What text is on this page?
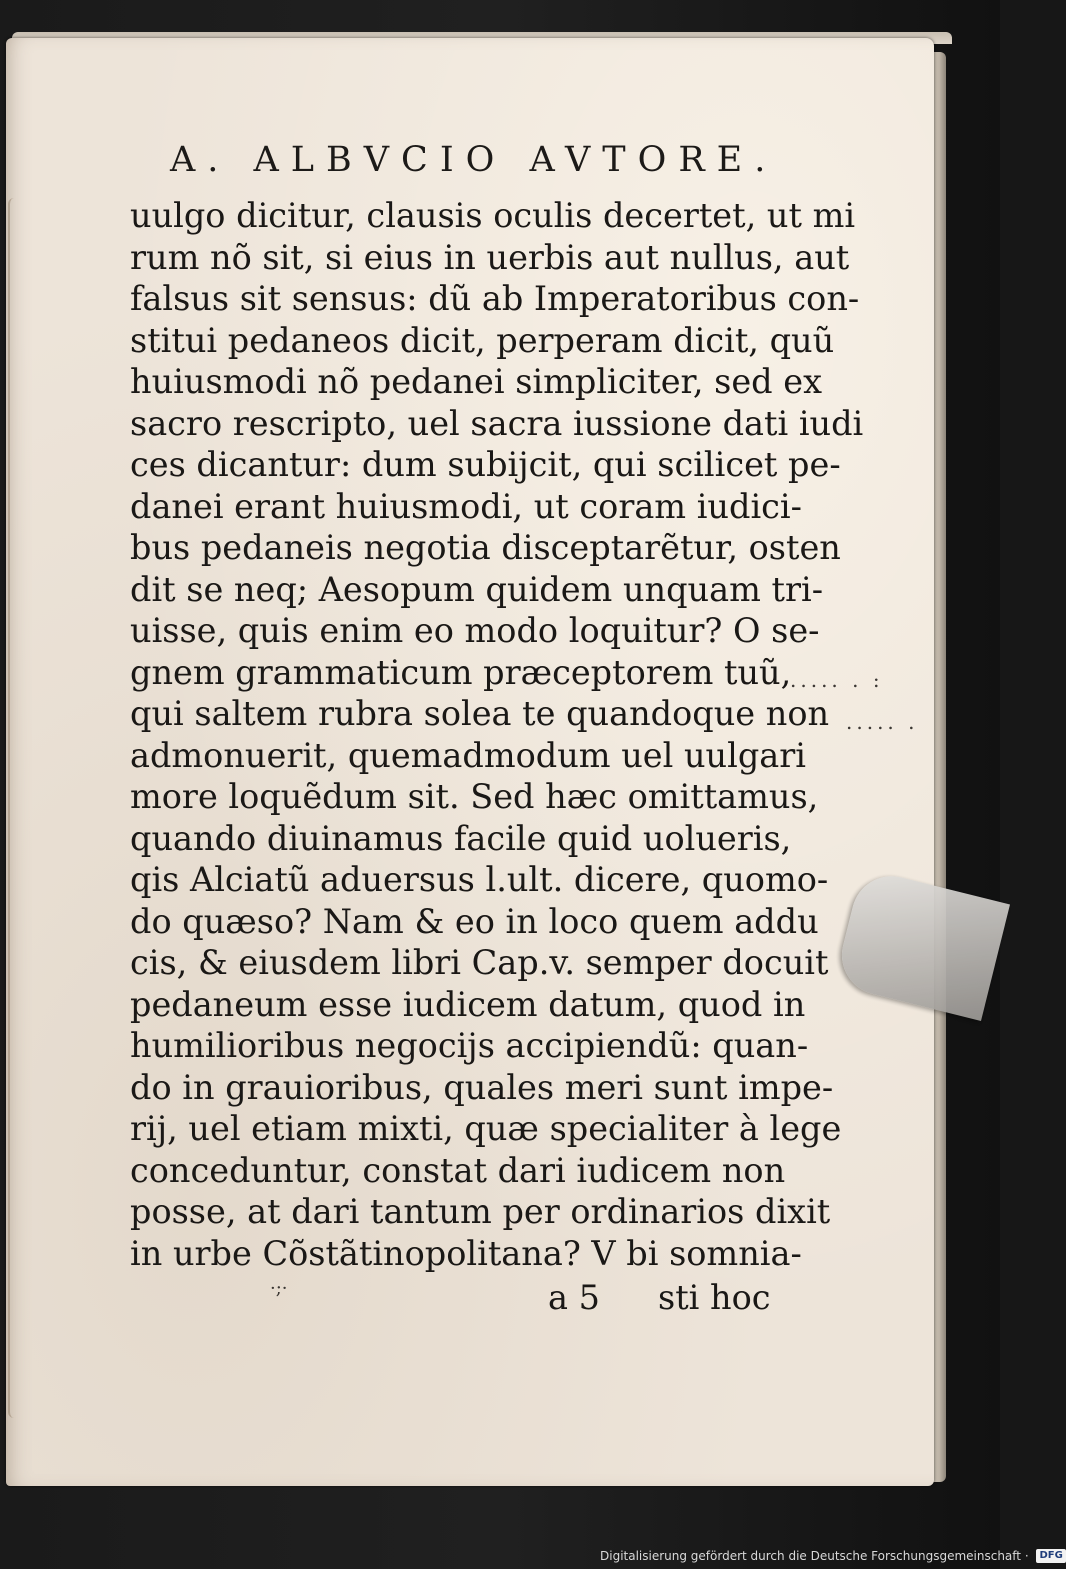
A. ALBVCIO AVTORE.
uulgo dicitur, clausis oculis decertet, ut mi
rum nõ sit, si eius in uerbis aut nullus, aut
falsus sit sensus: dũ ab Imperatoribus con-
stitui pedaneos dicit, perperam dicit, quũ
huiusmodi nõ pedanei simpliciter, sed ex
sacro rescripto, uel sacra iussione dati iudi
ces dicantur: dum subijcit, qui scilicet pe-
danei erant huiusmodi, ut coram iudici-
bus pedaneis negotia disceptarẽtur, osten
dit se neq; Aesopum quidem unquam tri-
uisse, quis enim eo modo loquitur? O se-
gnem grammaticum præceptorem tuũ,
qui saltem rubra solea te quandoque non
admonuerit, quemadmodum uel uulgari
more loquẽdum sit. Sed hæc omittamus,
quando diuinamus facile quid uolueris,
qis Alciatũ aduersus l.ult. dicere, quomo-
do quæso? Nam & eo in loco quem addu
cis, & eiusdem libri Cap.v. semper docuit
pedaneum esse iudicem datum, quod in
humilioribus negocijs accipiendũ: quan-
do in grauioribus, quales meri sunt impe-
rij, uel etiam mixti, quæ specialiter à lege
conceduntur, constat dari iudicem non
posse, at dari tantum per ordinarios dixit
in urbe Cõstãtinopolitana? V bi somnia-
·;·	a 5 sti hoc
..... . :
..... .
Digitalisierung gefördert durch die Deutsche Forschungsgemeinschaft · DFG
